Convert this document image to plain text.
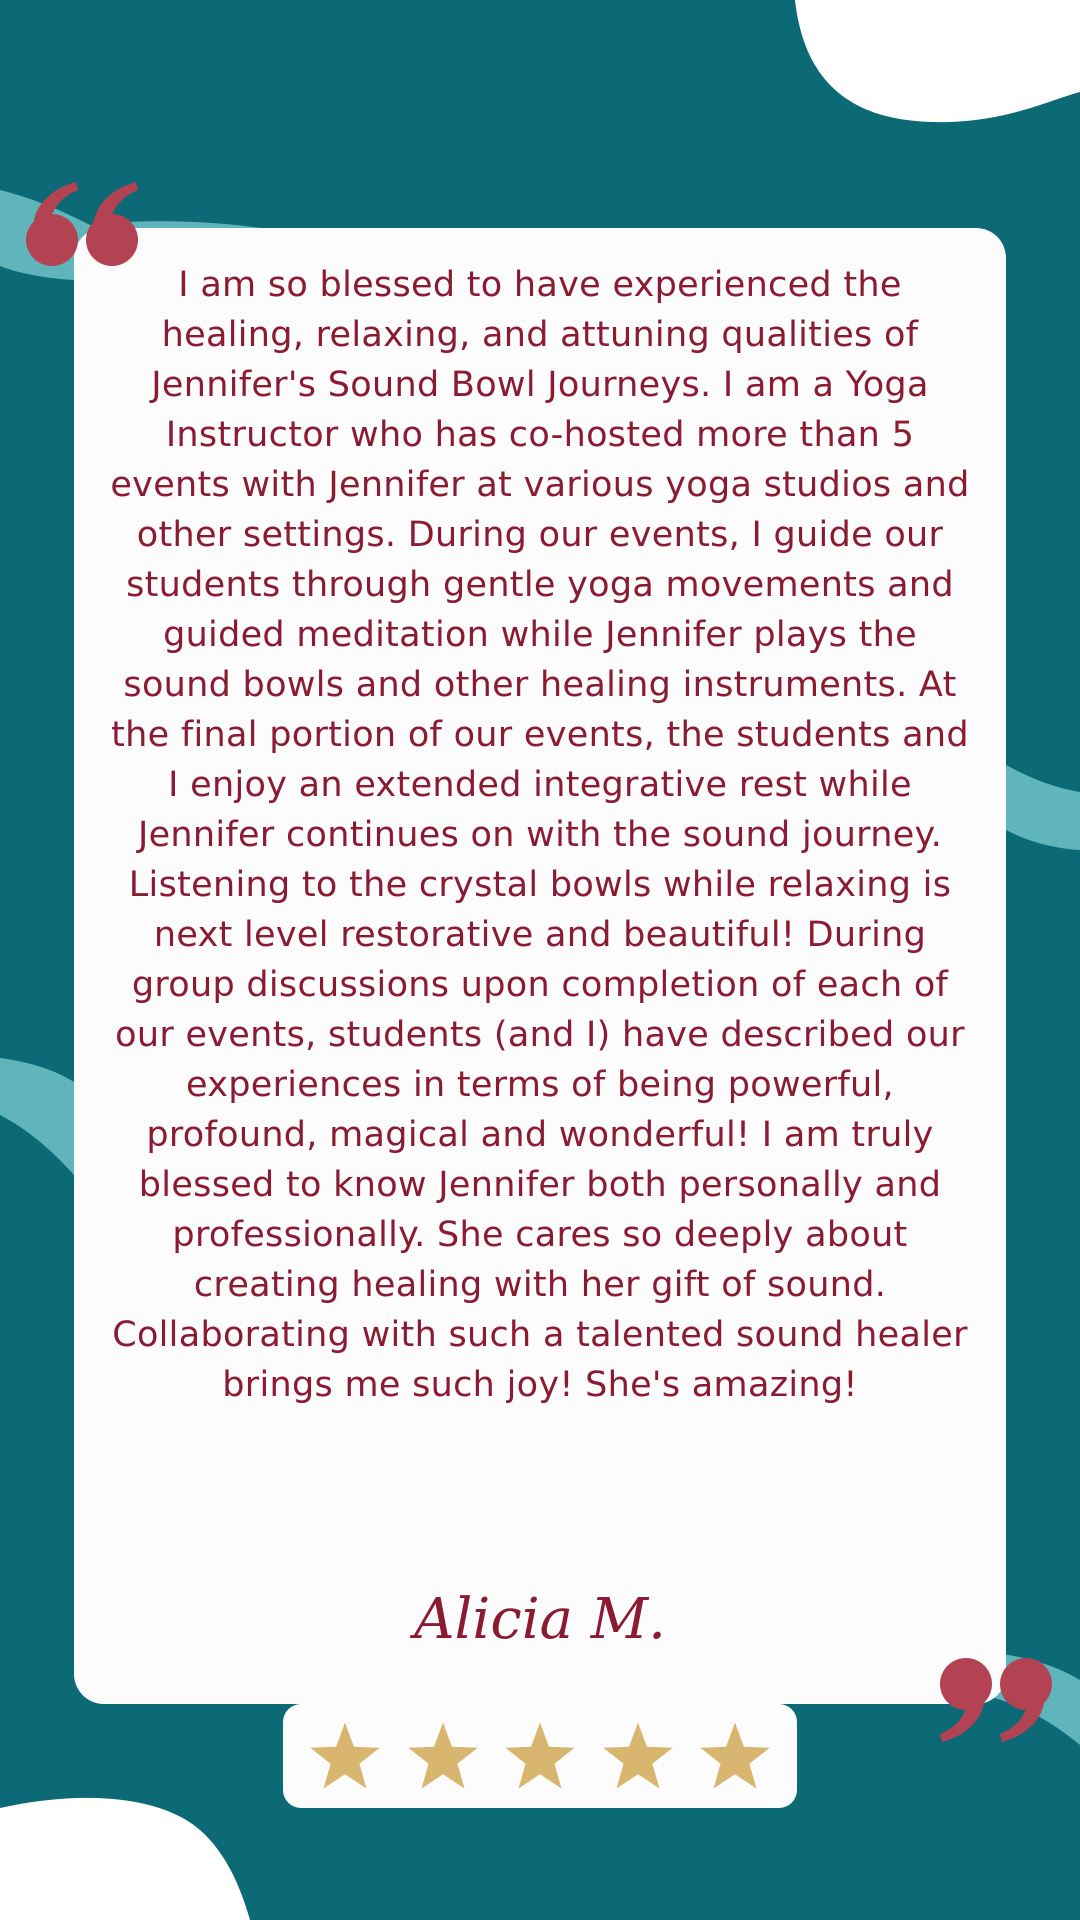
I am so blessed to have experienced the healing, relaxing, and attuning qualities of Jennifer's Sound Bowl Journeys. I am a Yoga Instructor who has co-hosted more than 5 events with Jennifer at various yoga studios and other settings. During our events, I guide our students through gentle yoga movements and guided meditation while Jennifer plays the sound bowls and other healing instruments. At the final portion of our events, the students and I enjoy an extended integrative rest while Jennifer continues on with the sound journey. Listening to the crystal bowls while relaxing is next level restorative and beautiful! During group discussions upon completion of each of our events, students (and I) have described our experiences in terms of being powerful, profound, magical and wonderful! I am truly blessed to know Jennifer both personally and professionally. She cares so deeply about creating healing with her gift of sound. Collaborating with such a talented sound healer brings me such joy! She's amazing!

Alicia M.
